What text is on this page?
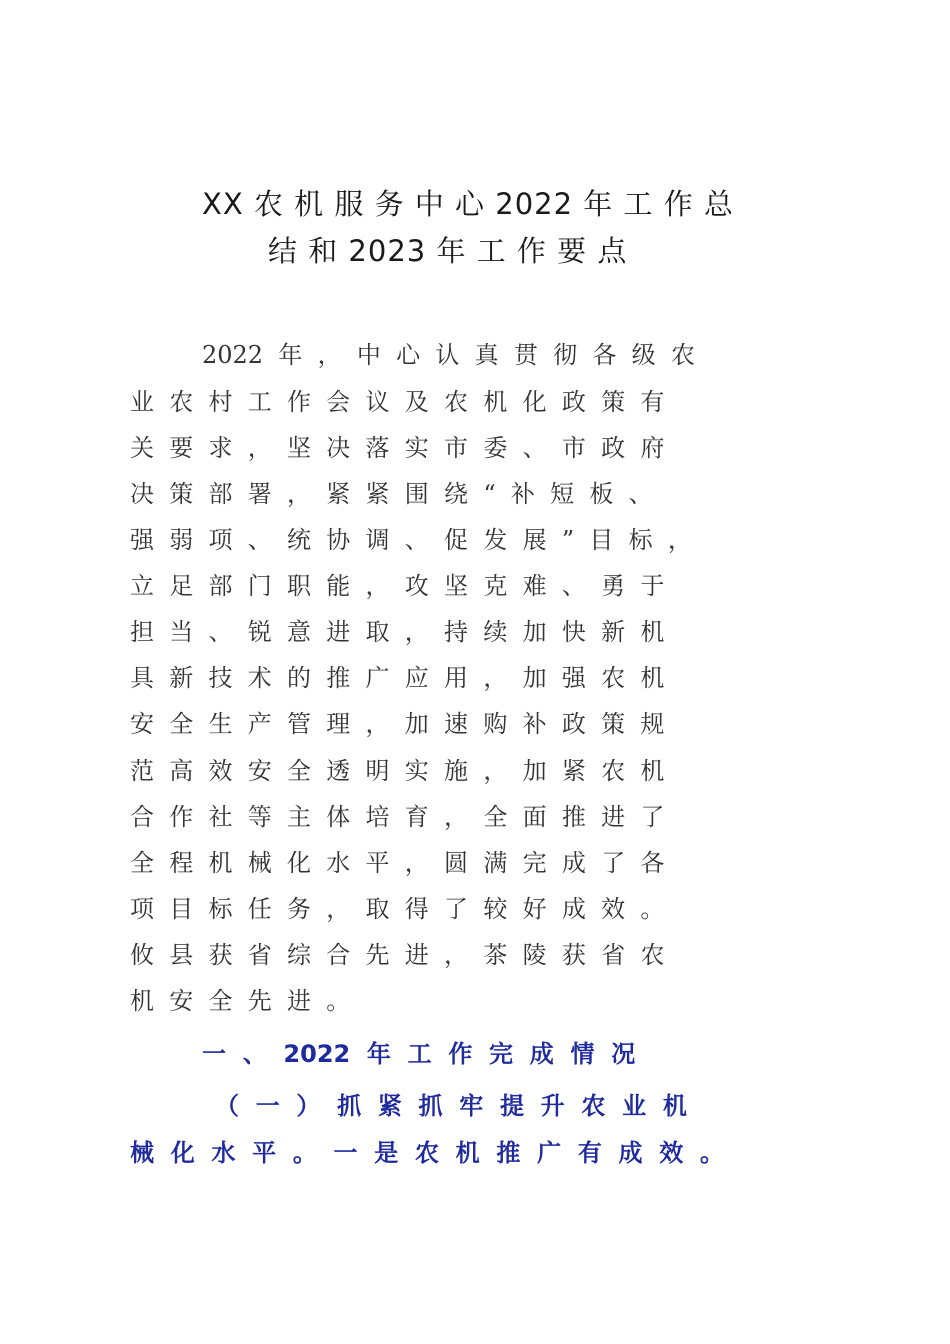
XX 农 机 服 务 中 心 2022 年 工 作 总
结 和 2023 年 工 作 要 点
2022  年  ，  中  心  认  真  贯  彻  各  级  农
业  农  村  工  作  会  议  及  农  机  化  政  策  有
关  要  求  ，  坚  决  落  实  市  委  、  市  政  府
决  策  部  署  ，  紧  紧  围  绕  “  补  短  板  、
强  弱  项  、  统  协  调  、  促  发  展  ”  目  标  ，
立  足  部  门  职  能  ，  攻  坚  克  难  、  勇  于
担  当  、  锐  意  进  取  ，  持  续  加  快  新  机
具  新  技  术  的  推  广  应  用  ，  加  强  农  机
安  全  生  产  管  理  ，  加  速  购  补  政  策  规
范  高  效  安  全  透  明  实  施  ，  加  紧  农  机
合  作  社  等  主  体  培  育  ，  全  面  推  进  了
全  程  机  械  化  水  平  ，  圆  满  完  成  了  各
项  目  标  任  务  ，  取  得  了  较  好  成  效  。
攸  县  获  省  综  合  先  进  ，  茶  陵  获  省  农
机  安  全  先  进  。
一  、  2022  年  工  作  完  成  情  况
（  一  ）  抓  紧  抓  牢  提  升  农  业  机
械  化  水  平  。  一  是  农  机  推  广  有  成  效  。
